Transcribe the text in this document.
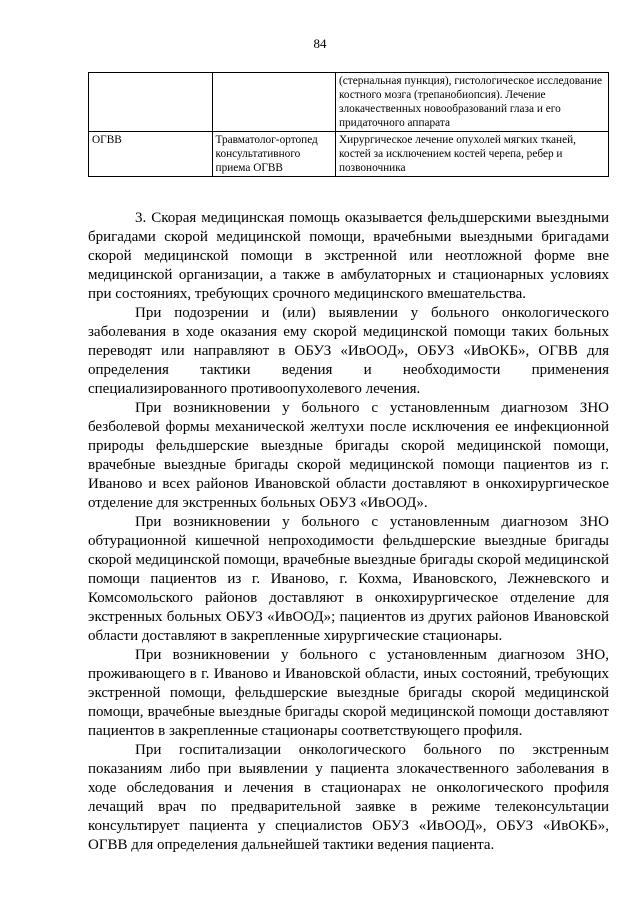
84
		(стернальная пункция), гистологическое исследование костного мозга (трепанобиопсия). Лечение злокачественных новообразований глаза и его придаточного аппарата
ОГВВ	Травматолог-ортопед консультативного приема ОГВВ	Хирургическое лечение опухолей мягких тканей, костей за исключением костей черепа, ребер и позвоночника

3. Скорая медицинская помощь оказывается фельдшерскими выездными бригадами скорой медицинской помощи, врачебными выездными бригадами скорой медицинской помощи в экстренной или неотложной форме вне медицинской организации, а также в амбулаторных и стационарных условиях при состояниях, требующих срочного медицинского вмешательства.

При подозрении и (или) выявлении у больного онкологического заболевания в ходе оказания ему скорой медицинской помощи таких больных переводят или направляют в ОБУЗ «ИвООД», ОБУЗ «ИвОКБ», ОГВВ для определения тактики ведения и необходимости применения специализированного противоопухолевого лечения.

При возникновении у больного с установленным диагнозом ЗНО безболевой формы механической желтухи после исключения ее инфекционной природы фельдшерские выездные бригады скорой медицинской помощи, врачебные выездные бригады скорой медицинской помощи пациентов из г. Иваново и всех районов Ивановской области доставляют в онкохирургическое отделение для экстренных больных ОБУЗ «ИвООД».

При возникновении у больного с установленным диагнозом ЗНО обтурационной кишечной непроходимости фельдшерские выездные бригады скорой медицинской помощи, врачебные выездные бригады скорой медицинской помощи пациентов из г. Иваново, г. Кохма, Ивановского, Лежневского и Комсомольского районов доставляют в онкохирургическое отделение для экстренных больных ОБУЗ «ИвООД»; пациентов из других районов Ивановской области доставляют в закрепленные хирургические стационары.

При возникновении у больного с установленным диагнозом ЗНО, проживающего в г. Иваново и Ивановской области, иных состояний, требующих экстренной помощи, фельдшерские выездные бригады скорой медицинской помощи, врачебные выездные бригады скорой медицинской помощи доставляют пациентов в закрепленные стационары соответствующего профиля.

При госпитализации онкологического больного по экстренным показаниям либо при выявлении у пациента злокачественного заболевания в ходе обследования и лечения в стационарах не онкологического профиля лечащий врач по предварительной заявке в режиме телеконсультации консультирует пациента у специалистов ОБУЗ «ИвООД», ОБУЗ «ИвОКБ», ОГВВ для определения дальнейшей тактики ведения пациента.
